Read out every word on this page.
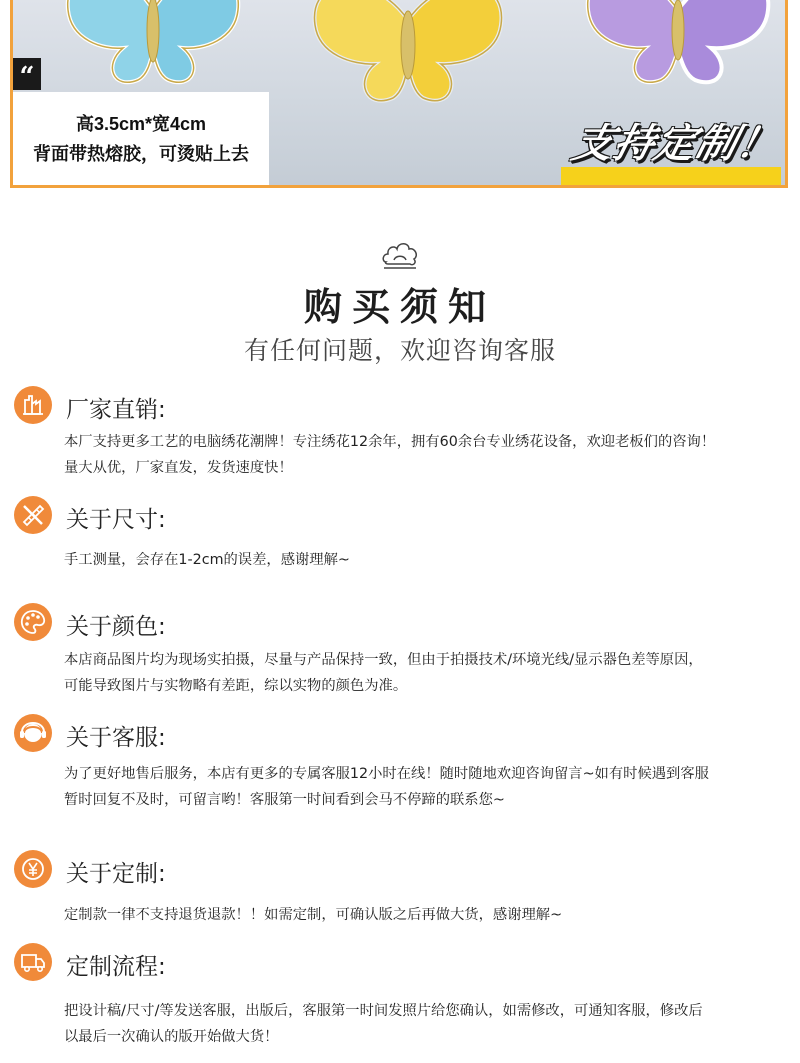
“
高3.5cm*宽4cm
背面带热熔胶，可烫贴上去	支持定制！
购买须知
有任何问题，欢迎咨询客服
厂家直销:
本厂支持更多工艺的电脑绣花潮牌！专注绣花12余年，拥有60余台专业绣花设备，欢迎老板们的咨询！
量大从优，厂家直发，发货速度快！
关于尺寸:
手工测量，会存在1-2cm的误差，感谢理解~
关于颜色:
本店商品图片均为现场实拍摄，尽量与产品保持一致，但由于拍摄技术/环境光线/显示器色差等原因，
可能导致图片与实物略有差距，综以实物的颜色为准。
关于客服:
为了更好地售后服务，本店有更多的专属客服12小时在线！随时随地欢迎咨询留言~如有时候遇到客服
暂时回复不及时，可留言哟！客服第一时间看到会马不停蹄的联系您~
关于定制:
定制款一律不支持退货退款！！如需定制，可确认版之后再做大货，感谢理解~
定制流程:
把设计稿/尺寸/等发送客服，出版后，客服第一时间发照片给您确认，如需修改，可通知客服，修改后
以最后一次确认的版开始做大货！
